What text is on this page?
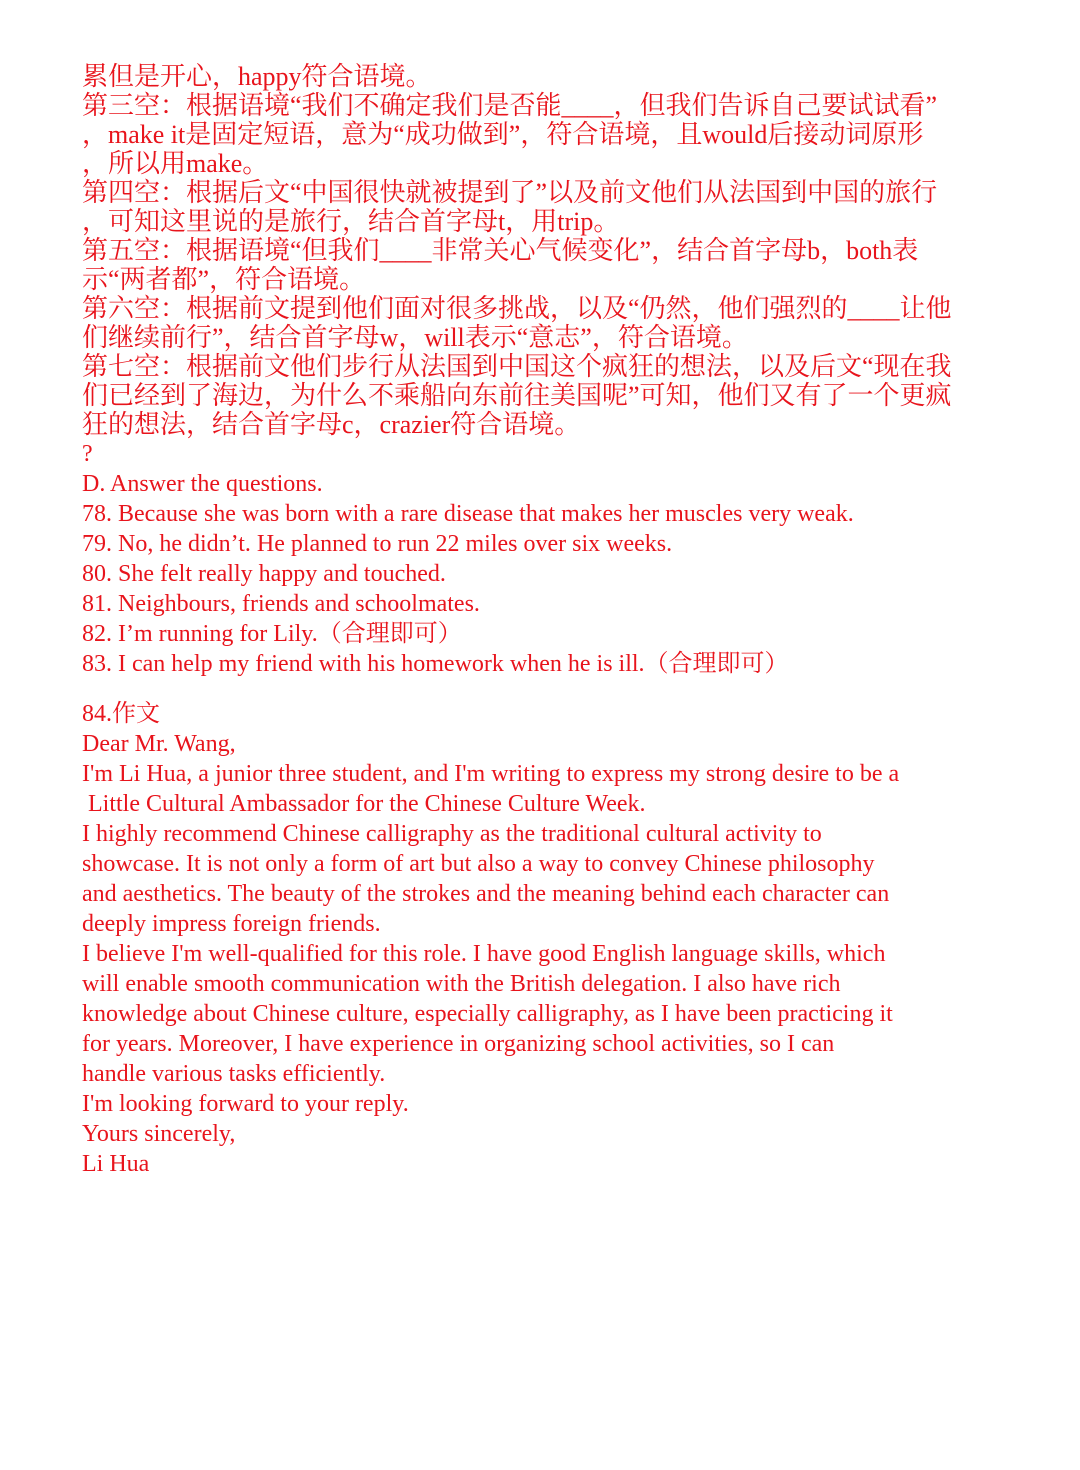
累但是开心，happy符合语境。
第三空：根据语境“我们不确定我们是否能____，但我们告诉自己要试试看”
，make it是固定短语，意为“成功做到”，符合语境，且would后接动词原形
，所以用make。
第四空：根据后文“中国很快就被提到了”以及前文他们从法国到中国的旅行
，可知这里说的是旅行，结合首字母t，用trip。
第五空：根据语境“但我们____非常关心气候变化”，结合首字母b，both表
示“两者都”，符合语境。
第六空：根据前文提到他们面对很多挑战，以及“仍然，他们强烈的____让他
们继续前行”，结合首字母w，will表示“意志”，符合语境。
第七空：根据前文他们步行从法国到中国这个疯狂的想法，以及后文“现在我
们已经到了海边，为什么不乘船向东前往美国呢”可知，他们又有了一个更疯
狂的想法，结合首字母c，crazier符合语境。
?
D. Answer the questions.
78. Because she was born with a rare disease that makes her muscles very weak.
79. No, he didn’t. He planned to run 22 miles over six weeks.
80. She felt really happy and touched.
81. Neighbours, friends and schoolmates.
82. I’m running for Lily.（合理即可）
83. I can help my friend with his homework when he is ill.（合理即可）
84.作文
Dear Mr. Wang,
I'm Li Hua, a junior three student, and I'm writing to express my strong desire to be a
Little Cultural Ambassador for the Chinese Culture Week.
I highly recommend Chinese calligraphy as the traditional cultural activity to
showcase. It is not only a form of art but also a way to convey Chinese philosophy
and aesthetics. The beauty of the strokes and the meaning behind each character can
deeply impress foreign friends.
I believe I'm well-qualified for this role. I have good English language skills, which
will enable smooth communication with the British delegation. I also have rich
knowledge about Chinese culture, especially calligraphy, as I have been practicing it
for years. Moreover, I have experience in organizing school activities, so I can
handle various tasks efficiently.
I'm looking forward to your reply.
Yours sincerely,
Li Hua
